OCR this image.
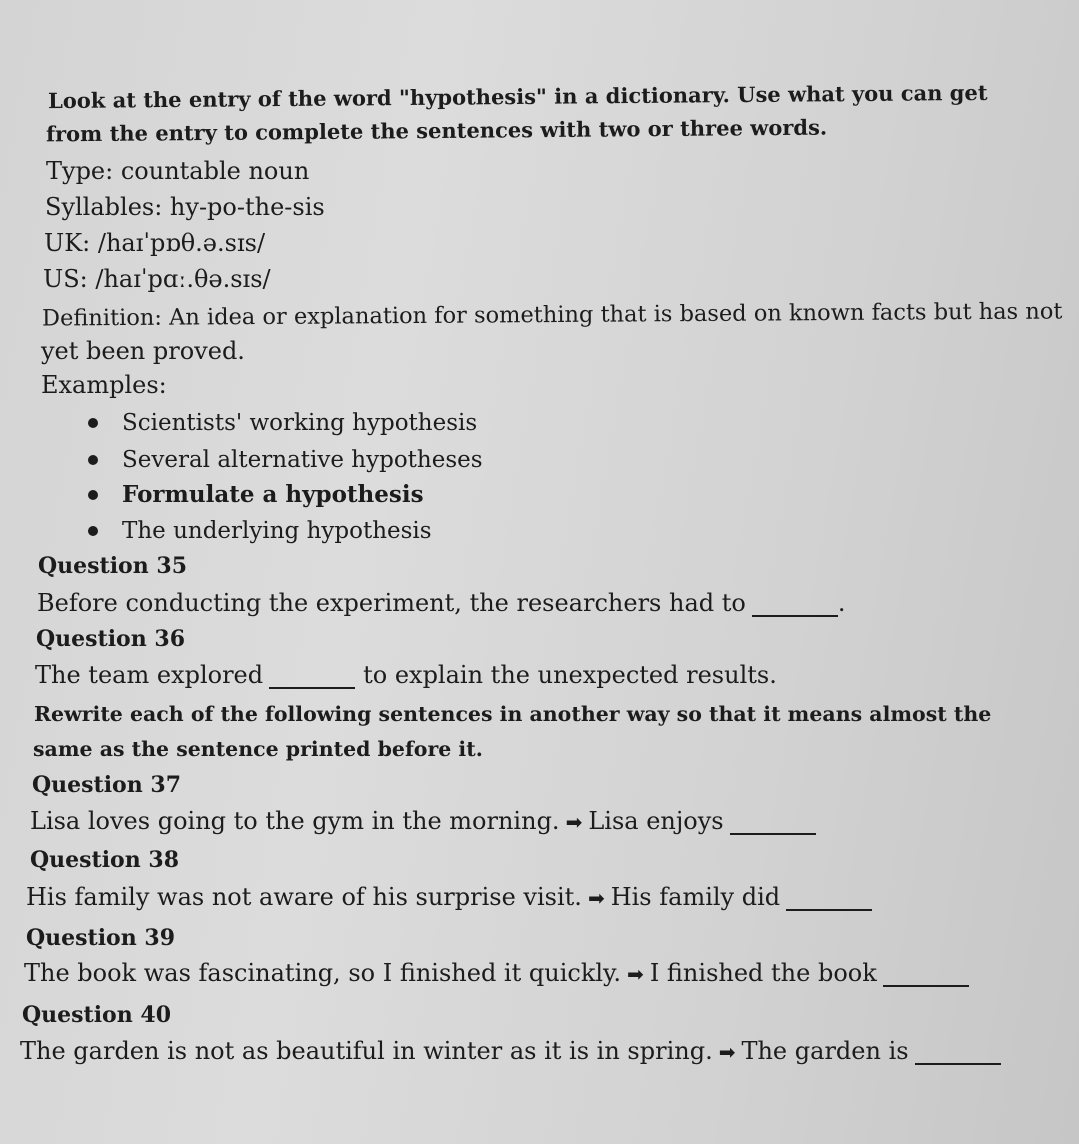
Look at the entry of the word "hypothesis" in a dictionary. Use what you can get
from the entry to complete the sentences with two or three words.
Type: countable noun
Syllables: hy-po-the-sis
UK: /haɪˈpɒθ.ə.sɪs/
US: /haɪˈpɑː.θə.sɪs/
Definition: An idea or explanation for something that is based on known facts but has not
yet been proved.
Examples:
Scientists' working hypothesis
Several alternative hypotheses
Formulate a hypothesis
The underlying hypothesis
Question 35
Before conducting the experiment, the researchers had to	.
Question 36
The team explored	to explain the unexpected results.
Rewrite each of the following sentences in another way so that it means almost the
same as the sentence printed before it.
Question 37
Lisa loves going to the gym in the morning. ➡ Lisa enjoys
Question 38
His family was not aware of his surprise visit. ➡ His family did
Question 39
The book was fascinating, so I finished it quickly. ➡ I finished the book
Question 40
The garden is not as beautiful in winter as it is in spring. ➡ The garden is
